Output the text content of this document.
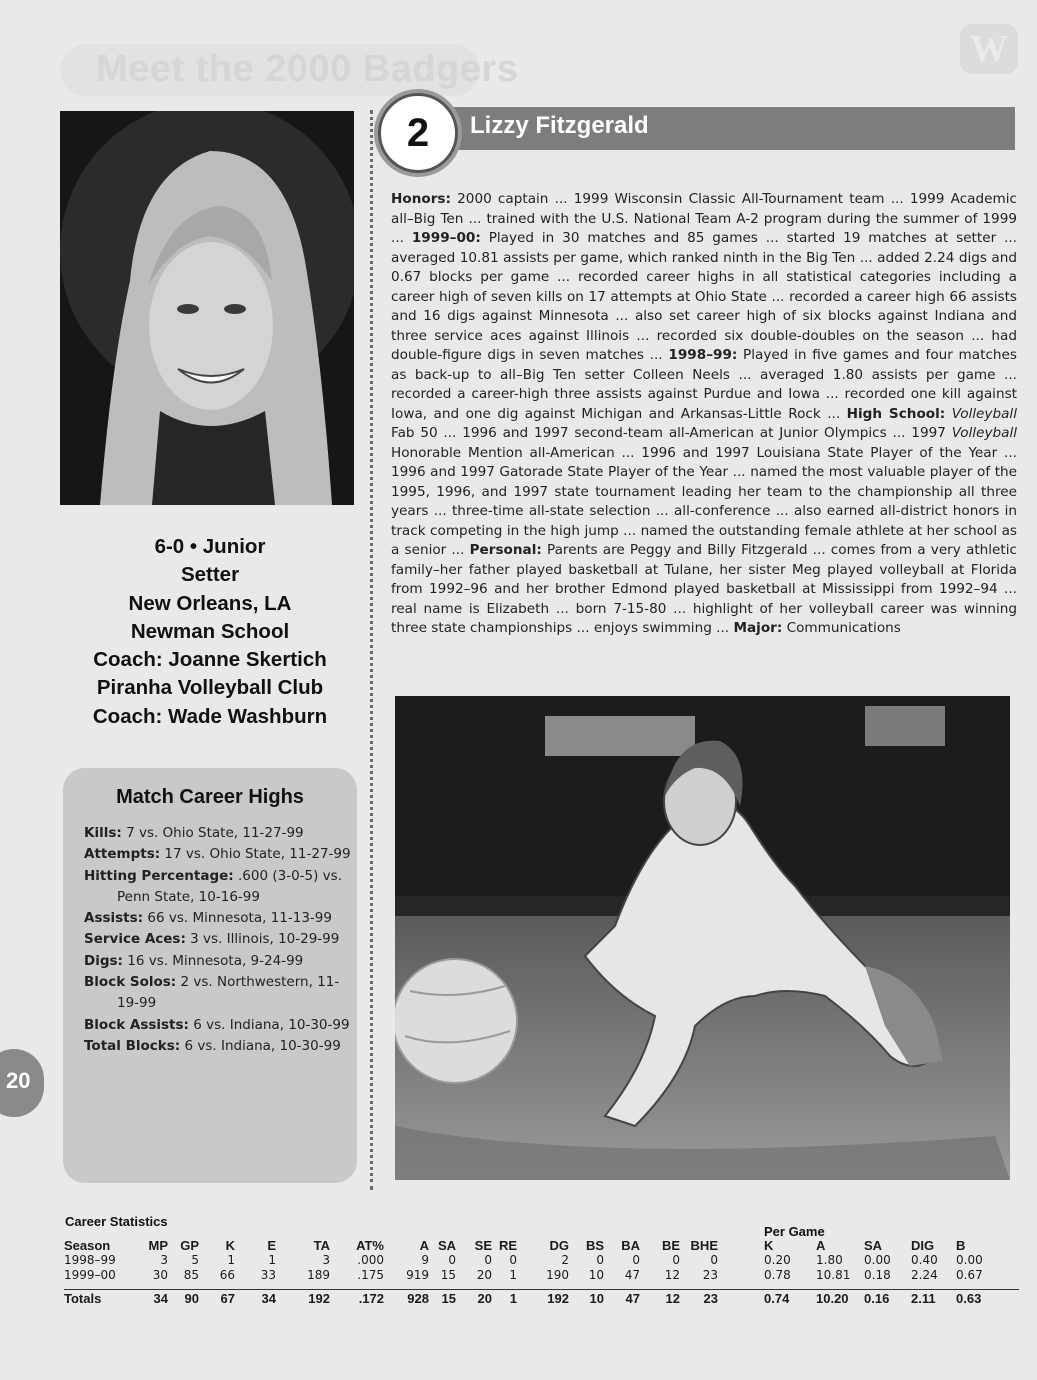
Meet the 2000 Badgers	W
Lizzy Fitzgerald
2
Honors: 2000 captain ... 1999 Wisconsin Classic All-Tournament team ... 1999 Academic all–Big Ten ... trained with the U.S. National Team A-2 program during the summer of 1999 ... 1999–00: Played in 30 matches and 85 games ... started 19 matches at setter ... averaged 10.81 assists per game, which ranked ninth in the Big Ten ... added 2.24 digs and 0.67 blocks per game ... recorded career highs in all statistical categories including a career high of seven kills on 17 attempts at Ohio State ... recorded a career high 66 assists and 16 digs against Minnesota ... also set career high of six blocks against Indiana and three service aces against Illinois ... recorded six double-doubles on the season ... had double-figure digs in seven matches ... 1998–99: Played in five games and four matches as back-up to all–Big Ten setter Colleen Neels ... averaged 1.80 assists per game ... recorded a career-high three assists against Purdue and Iowa ... recorded one kill against Iowa, and one dig against Michigan and Arkansas-Little Rock ... High School: Volleyball Fab 50 ... 1996 and 1997 second-team all-American at Junior Olympics ... 1997 Volleyball Honorable Mention all-American ... 1996 and 1997 Louisiana State Player of the Year ... 1996 and 1997 Gatorade State Player of the Year ... named the most valuable player of the 1995, 1996, and 1997 state tournament leading her team to the championship all three years ... three-time all-state selection ... all-conference ... also earned all-district honors in track competing in the high jump ... named the outstanding female athlete at her school as a senior ... Personal: Parents are Peggy and Billy Fitzgerald ... comes from a very athletic family–her father played basketball at Tulane, her sister Meg played volleyball at Florida from 1992–96 and her brother Edmond played basketball at Mississippi from 1992–94 ... real name is Elizabeth ... born 7-15-80 ... highlight of her volleyball career was winning three state championships ... enjoys swimming ... Major: Communications
6-0 • Junior
Setter
New Orleans, LA
Newman School
Coach: Joanne Skertich
Piranha Volleyball Club
Coach: Wade Washburn
Match Career Highs
Kills: 7 vs. Ohio State, 11-27-99
Attempts: 17 vs. Ohio State, 11-27-99
Hitting Percentage: .600 (3-0-5) vs. Penn State, 10-16-99
Assists: 66 vs. Minnesota, 11-13-99
Service Aces: 3 vs. Illinois, 10-29-99
Digs: 16 vs. Minnesota, 9-24-99
Block Solos: 2 vs. Northwestern, 11-19-99
Block Assists: 6 vs. Indiana, 10-30-99
Total Blocks: 6 vs. Indiana, 10-30-99
20
Career Statistics
Per Game
Season	MP GP K E	TA AT%	A SA SE RE	DG BS BA BE BHE	K	A	SA DIG B
1998–99	3 5 1	1	3 .000	9 0 0 0	2 0 0	0	0	0.20 1.80 0.00 0.40 0.00
1999–00	30 85 66 33	189 .175 919 15 20 1 190 10 47 12 23	0.78 10.81 0.18 2.24 0.67
Totals	34 90 67 34 192 .172 928 15 20 1 192 10 47 12 23	0.74 10.20 0.16 2.11 0.63
